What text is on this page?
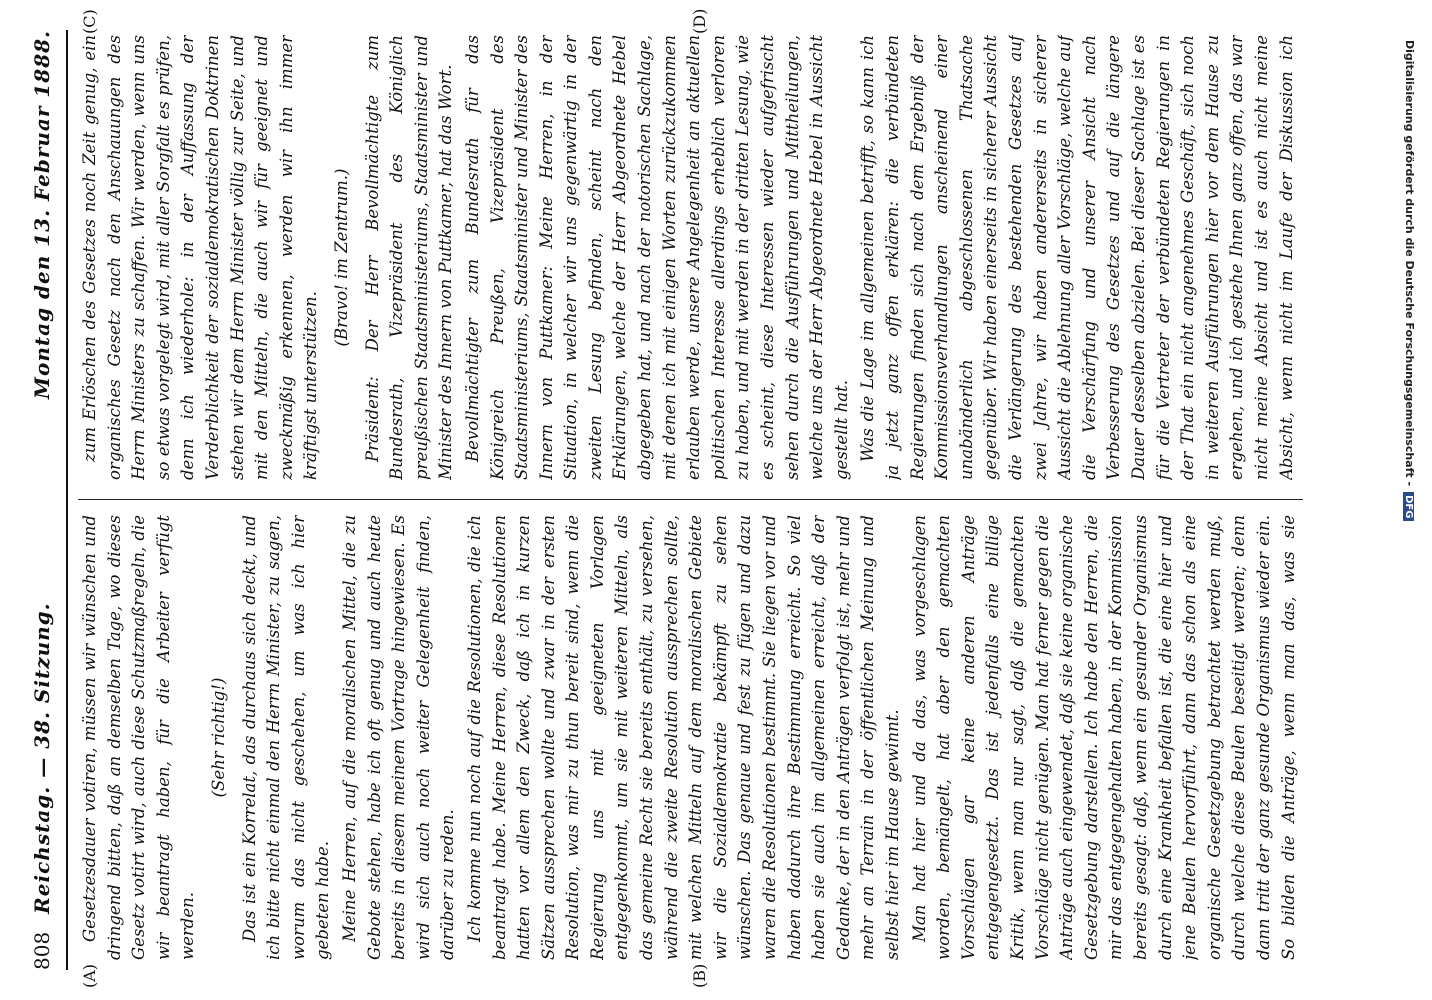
808
Reichstag. — 38. Sitzung.
Montag den 13. Februar 1888.
(A)	(B)
(C)	(D)

Gesetzesdauer votiren, müssen wir wünschen und dringend bitten, daß an demselben Tage, wo dieses Gesetz votirt wird, auch diese Schutzmaßregeln, die wir beantragt haben, für die Arbeiter verfügt werden.

(Sehr richtig!) Das ist ein Korrelat, das durchaus sich deckt, und ich bitte nicht einmal den Herrn Minister, zu sagen, worum das nicht geschehen, um was ich hier gebeten habe. Meine Herren, auf die moralischen Mittel, die zu Gebote stehen, habe ich oft genug und auch heute bereits in diesem meinem Vortrage hingewiesen. Es wird sich auch noch weiter Gelegenheit finden, darüber zu reden. Ich komme nun noch auf die Resolutionen, die ich beantragt habe. Meine Herren, diese Resolutionen hatten vor allem den Zweck, daß ich in kurzen Sätzen aussprechen wollte und zwar in der ersten Resolution, was mir zu thun bereit sind, wenn die Regierung uns mit geeigneten Vorlagen entgegenkommt, um sie mit weiteren Mitteln, als das gemeine Recht sie bereits enthält, zu versehen, während die zweite Resolution aussprechen sollte, mit welchen Mitteln auf dem moralischen Gebiete wir die Sozialdemokratie bekämpft zu sehen wünschen. Das genaue und fest zu fügen und dazu waren die Resolutionen bestimmt. Sie liegen vor und haben dadurch ihre Bestimmung erreicht. So viel haben sie auch im allgemeinen erreicht, daß der Gedanke, der in den Anträgen verfolgt ist, mehr und mehr an Terrain in der öffentlichen Meinung und selbst hier im Hause gewinnt. Man hat hier und da das, was vorgeschlagen worden, bemängelt, hat aber den gemachten Vorschlägen gar keine anderen Anträge entgegengesetzt. Das ist jedenfalls eine billige Kritik, wenn man nur sagt, daß die gemachten Vorschläge nicht genügen. Man hat ferner gegen die Anträge auch eingewendet, daß sie keine organische Gesetzgebung darstellen. Ich habe den Herren, die mir das entgegengehalten haben, in der Kommission bereits gesagt: daß, wenn ein gesunder Organismus durch eine Krankheit befallen ist, die eine hier und jene Beulen hervorführt, dann das schon als eine organische Gesetzgebung betrachtet werden muß, durch welche diese Beulen beseitigt werden; denn dann tritt der ganz gesunde Organismus wieder ein. So bilden die Anträge, wenn man das, was sie

zum Erlöschen des Gesetzes noch Zeit genug, ein organisches Gesetz nach den Anschauungen des Herrn Ministers zu schaffen. Wir werden, wenn uns so etwas vorgelegt wird, mit aller Sorgfalt es prüfen, denn ich wiederhole: in der Auffassung der Verderblichkeit der sozialdemokratischen Doktrinen stehen wir dem Herrn Minister völlig zur Seite, und mit den Mitteln, die auch wir für geeignet und zweckmäßig erkennen, werden wir ihn immer kräftigst unterstützen.

(Bravo! im Zentrum.) Präsident: Der Herr Bevollmächtigte zum Bundesrath, Vizepräsident des Königlich preußischen Staatsministeriums, Staatsminister und Minister des Innern von Puttkamer, hat das Wort. Bevollmächtigter zum Bundesrath für das Königreich Preußen, Vizepräsident des Staatsministeriums, Staatsminister und Minister des Innern von Puttkamer: Meine Herren, in der Situation, in welcher wir uns gegenwärtig in der zweiten Lesung befinden, scheint nach den Erklärungen, welche der Herr Abgeordnete Hebel abgegeben hat, und nach der notorischen Sachlage, mit denen ich mit einigen Worten zurückzukommen erlauben werde, unsere Angelegenheit an aktuellen politischen Interesse allerdings erheblich verloren zu haben, und mit werden in der dritten Lesung, wie es scheint, diese Interessen wieder aufgefrischt sehen durch die Ausführungen und Mittheilungen, welche uns der Herr Abgeordnete Hebel in Aussicht gestellt hat. Was die Lage im allgemeinen betrifft, so kann ich ja jetzt ganz offen erklären: die verbündeten Regierungen finden sich nach dem Ergebniß der Kommissionsverhandlungen anscheinend einer unabänderlich abgeschlossenen Thatsache gegenüber. Wir haben einerseits in sicherer Aussicht die Verlängerung des bestehenden Gesetzes auf zwei Jahre, wir haben andererseits in sicherer Aussicht die Ablehnung aller Vorschläge, welche auf die Verschärfung und unserer Ansicht nach Verbesserung des Gesetzes und auf die längere Dauer desselben abzielen. Bei dieser Sachlage ist es für die Vertreter der verbündeten Regierungen in der That ein nicht angenehmes Geschäft, sich noch in weiteren Ausführungen hier vor dem Hause zu ergehen, und ich gestehe Ihnen ganz offen, das war nicht meine Absicht und ist es auch nicht meine Absicht, wenn nicht im Laufe der Diskussion ich	Digitalisierung gefördert durch die Deutsche Forschungsgemeinschaft -DFG
